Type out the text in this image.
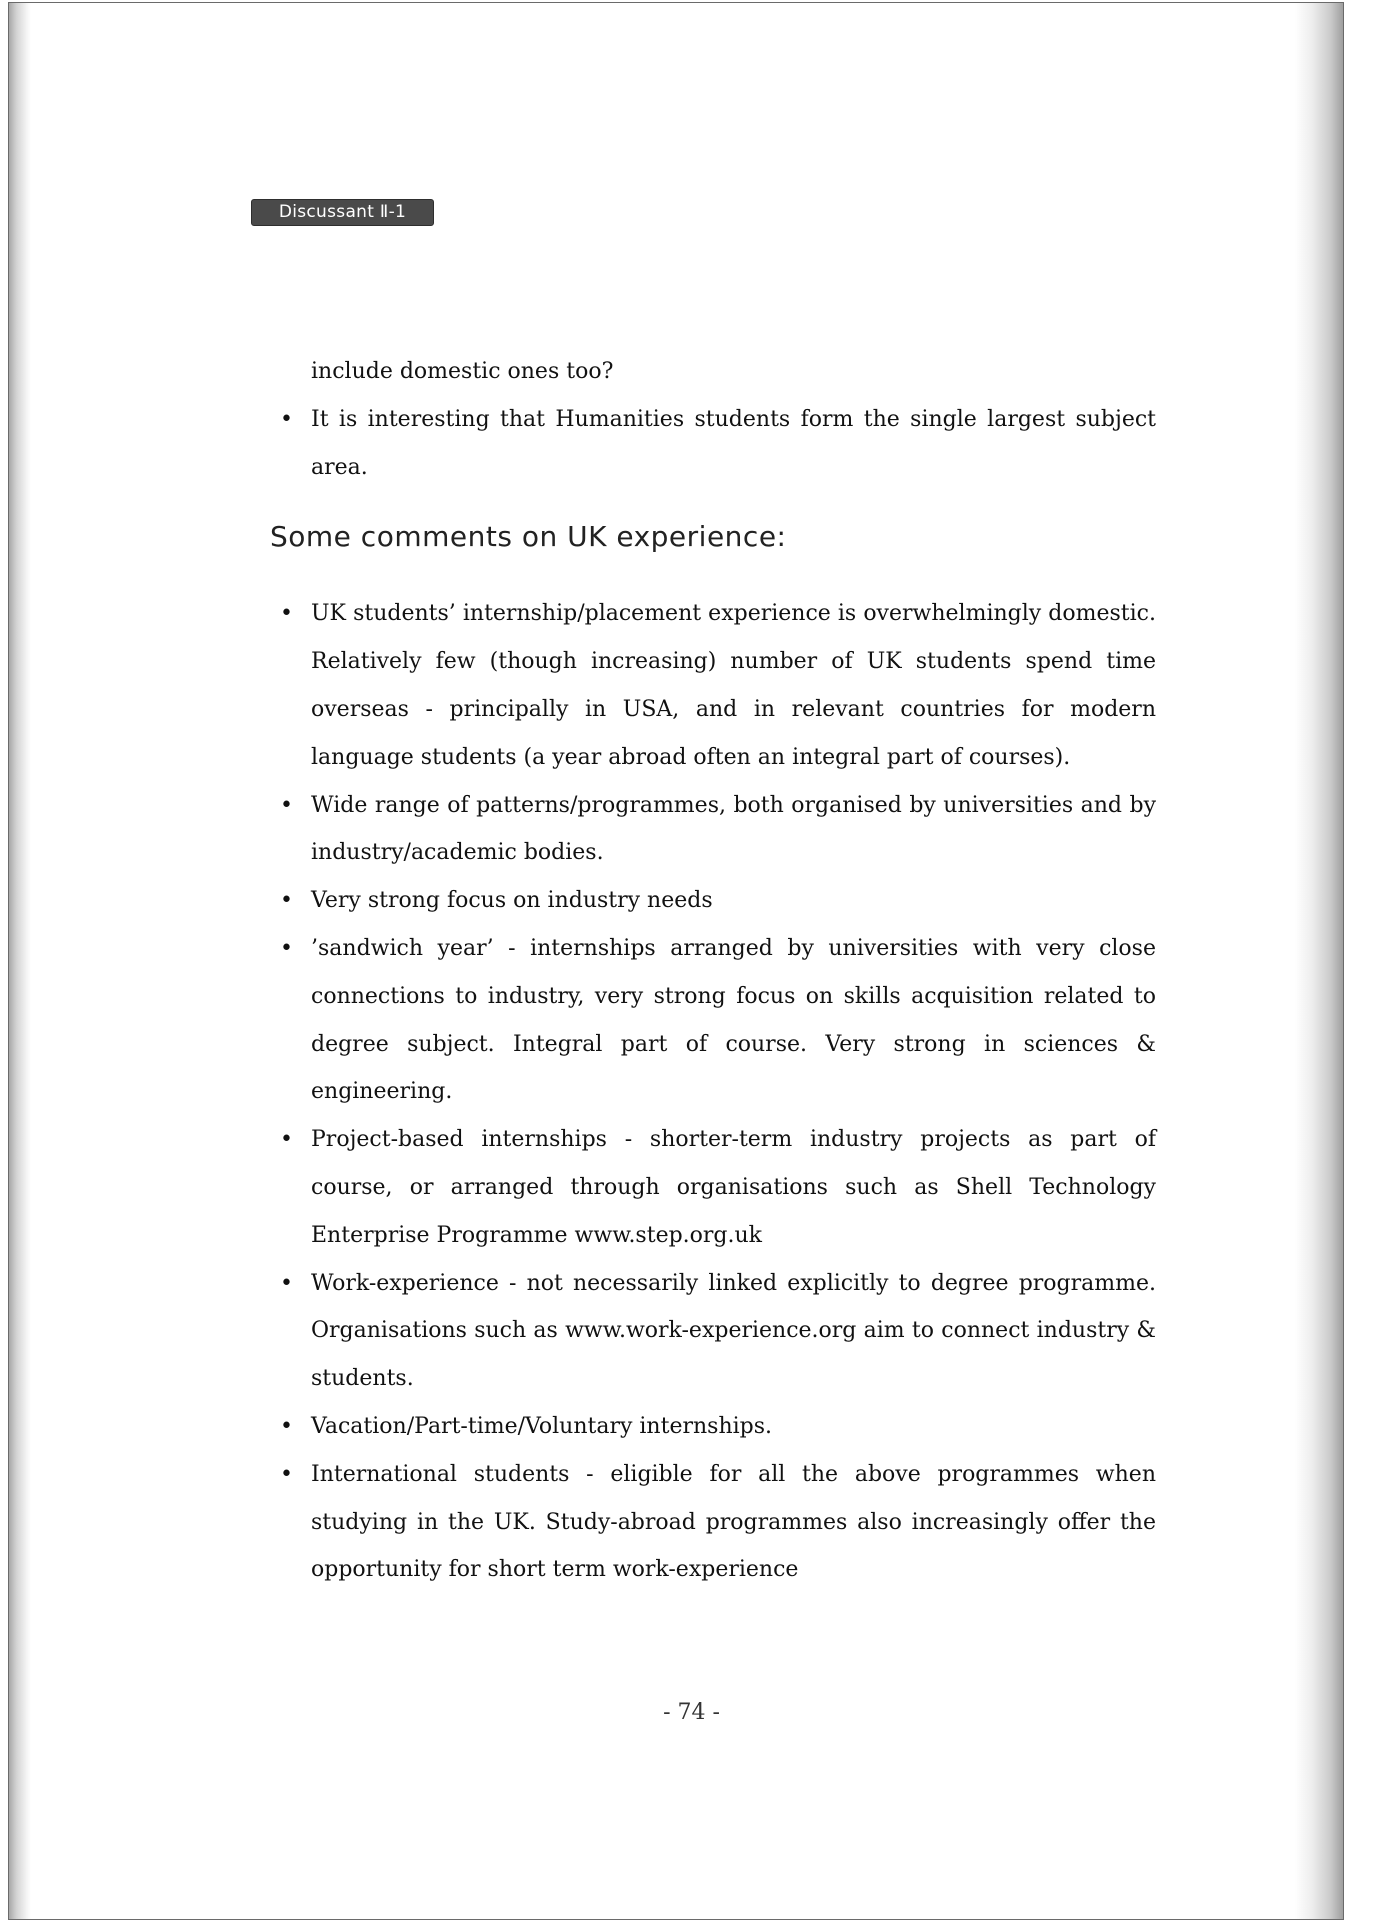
Discussant Ⅱ-1

include domestic ones too?

• It is interesting that Humanities students form the single largest subject area.
Some comments on UK experience:
• UK students’ internship/placement experience is overwhelmingly domestic. Relatively few (though increasing) number of UK students spend time overseas - principally in USA, and in relevant countries for modern language students (a year abroad often an integral part of courses).
• Wide range of patterns/programmes, both organised by universities and by industry/academic bodies.
• Very strong focus on industry needs
• ’sandwich year’ - internships arranged by universities with very close connections to industry, very strong focus on skills acquisition related to degree subject. Integral part of course. Very strong in sciences & engineering.
• Project-based internships - shorter-term industry projects as part of course, or arranged through organisations such as Shell Technology Enterprise Programme www.step.org.uk
• Work-experience - not necessarily linked explicitly to degree programme. Organisations such as www.work-experience.org aim to connect industry & students.
• Vacation/Part-time/Voluntary internships.
• International students - eligible for all the above programmes when studying in the UK. Study-abroad programmes also increasingly offer the opportunity for short term work-experience
- 74 -
